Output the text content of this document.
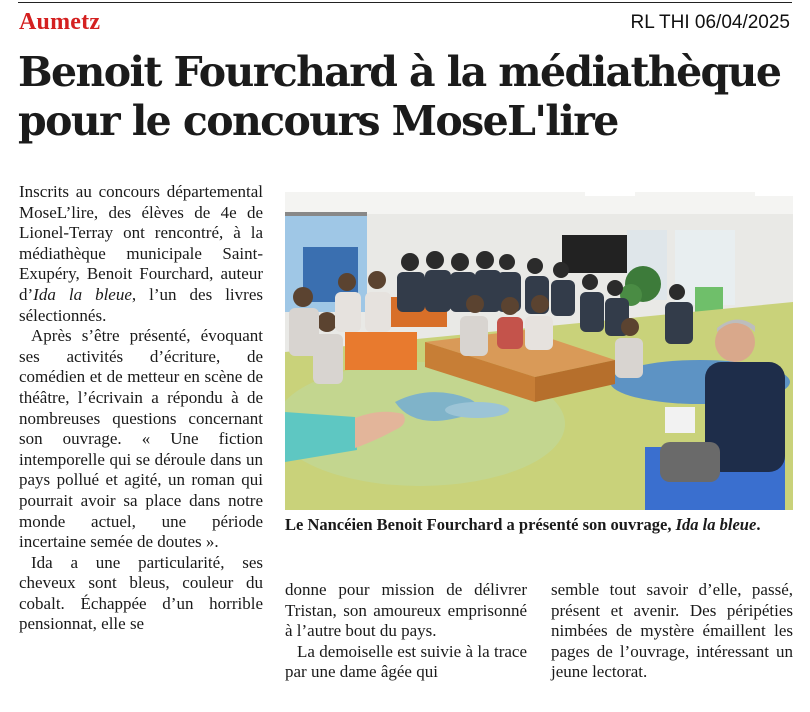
Aumetz	RL THI 06/04/2025
Benoit Fourchard à la médiathèque
pour le concours MoseL'lire

Inscrits au concours départemental MoseL’lire, des élèves de 4e de Lionel-Terray ont rencontré, à la médiathèque municipale Saint-Exupéry, Benoit Fourchard, auteur d’Ida la bleue, l’un des livres sélectionnés.

Après s’être présenté, évoquant ses activités d’écriture, de comédien et de metteur en scène de théâtre, l’écrivain a répondu à de nombreuses questions concernant son ouvrage. « Une fiction intemporelle qui se déroule dans un pays pollué et agité, un roman qui pourrait avoir sa place dans notre monde actuel, une période incertaine semée de doutes ».

Ida a une particularité, ses cheveux sont bleus, couleur du cobalt. Échappée d’un horrible pensionnat, elle se

Le Nancéien Benoit Fourchard a présenté son ouvrage, Ida la bleue.

donne pour mission de délivrer Tristan, son amoureux emprisonné à l’autre bout du pays.

La demoiselle est suivie à la trace par une dame âgée qui

semble tout savoir d’elle, passé, présent et avenir. Des péripéties nimbées de mystère émaillent les pages de l’ouvrage, intéressant un jeune lectorat.
